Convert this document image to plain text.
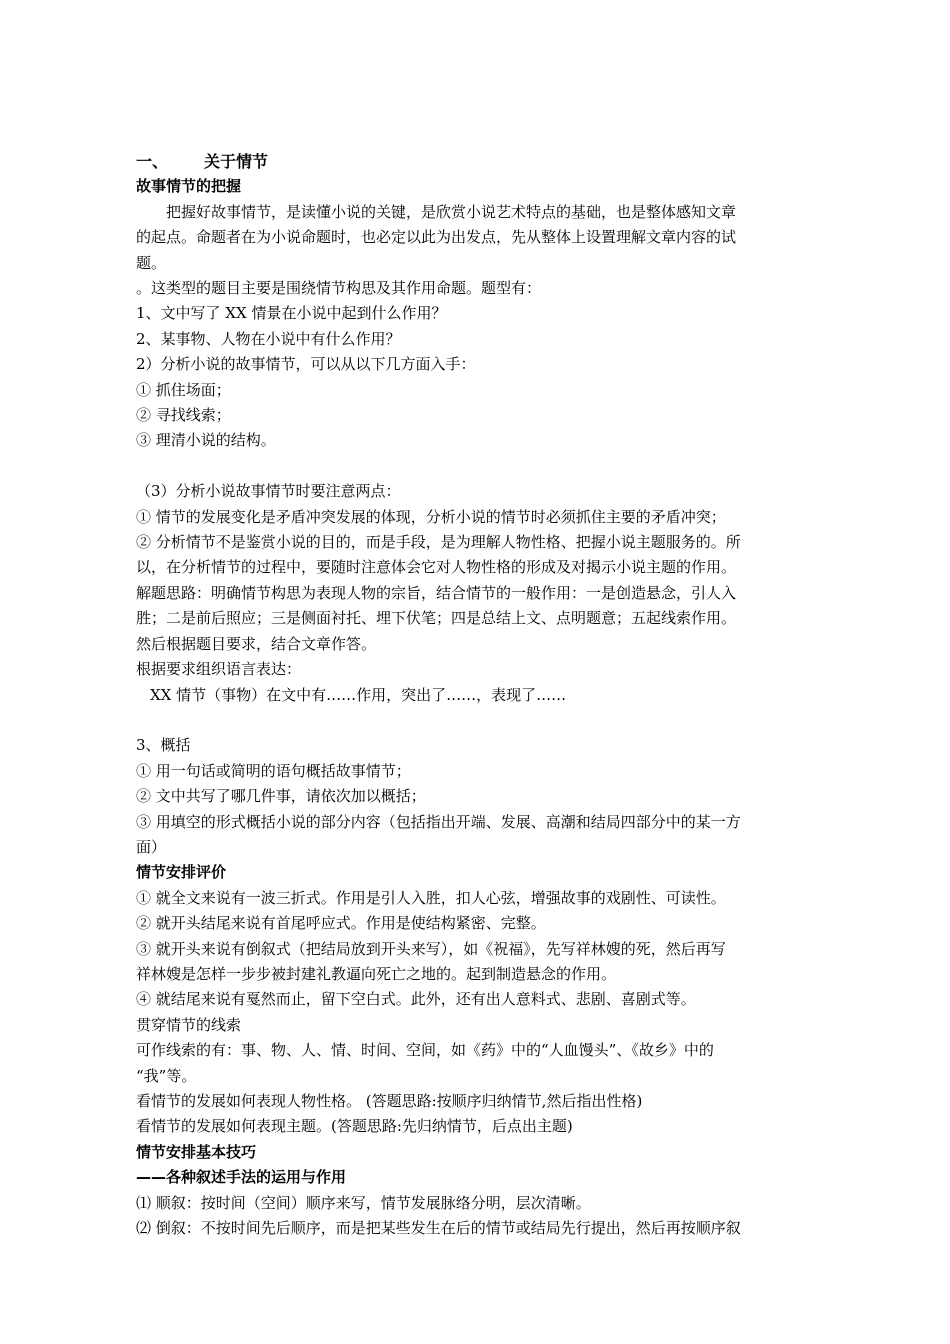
一、 关于情节
故事情节的把握
把握好故事情节，是读懂小说的关键，是欣赏小说艺术特点的基础，也是整体感知文章
的起点。命题者在为小说命题时，也必定以此为出发点，先从整体上设置理解文章内容的试
题。
。这类型的题目主要是围绕情节构思及其作用命题。题型有：
1、文中写了 XX 情景在小说中起到什么作用？
2、某事物、人物在小说中有什么作用？
2）分析小说的故事情节，可以从以下几方面入手：
① 抓住场面；
② 寻找线索；
③ 理清小说的结构。
（3）分析小说故事情节时要注意两点：
① 情节的发展变化是矛盾冲突发展的体现，分析小说的情节时必须抓住主要的矛盾冲突；
② 分析情节不是鉴赏小说的目的，而是手段，是为理解人物性格、把握小说主题服务的。所
以，在分析情节的过程中，要随时注意体会它对人物性格的形成及对揭示小说主题的作用。
解题思路：明确情节构思为表现人物的宗旨，结合情节的一般作用：一是创造悬念，引人入
胜；二是前后照应；三是侧面衬托、埋下伏笔；四是总结上文、点明题意；五起线索作用。
然后根据题目要求，结合文章作答。
根据要求组织语言表达：
XX 情节（事物）在文中有……作用，突出了……，表现了……
3、概括
① 用一句话或简明的语句概括故事情节；
② 文中共写了哪几件事，请依次加以概括；
③ 用填空的形式概括小说的部分内容（包括指出开端、发展、高潮和结局四部分中的某一方
面）
情节安排评价
① 就全文来说有一波三折式。作用是引人入胜，扣人心弦，增强故事的戏剧性、可读性。
② 就开头结尾来说有首尾呼应式。作用是使结构紧密、完整。
③ 就开头来说有倒叙式（把结局放到开头来写），如《祝福》，先写祥林嫂的死，然后再写
祥林嫂是怎样一步步被封建礼教逼向死亡之地的。起到制造悬念的作用。
④ 就结尾来说有戛然而止，留下空白式。此外，还有出人意料式、悲剧、喜剧式等。
贯穿情节的线索
可作线索的有：事、物、人、情、时间、空间，如《药》中的“人血馒头”、《故乡》中的
“我”等。
看情节的发展如何表现人物性格。 (答题思路:按顺序归纳情节,然后指出性格)
看情节的发展如何表现主题。(答题思路:先归纳情节，后点出主题)
情节安排基本技巧
——各种叙述手法的运用与作用
⑴ 顺叙：按时间（空间）顺序来写，情节发展脉络分明，层次清晰。
⑵ 倒叙：不按时间先后顺序，而是把某些发生在后的情节或结局先行提出，然后再按顺序叙
